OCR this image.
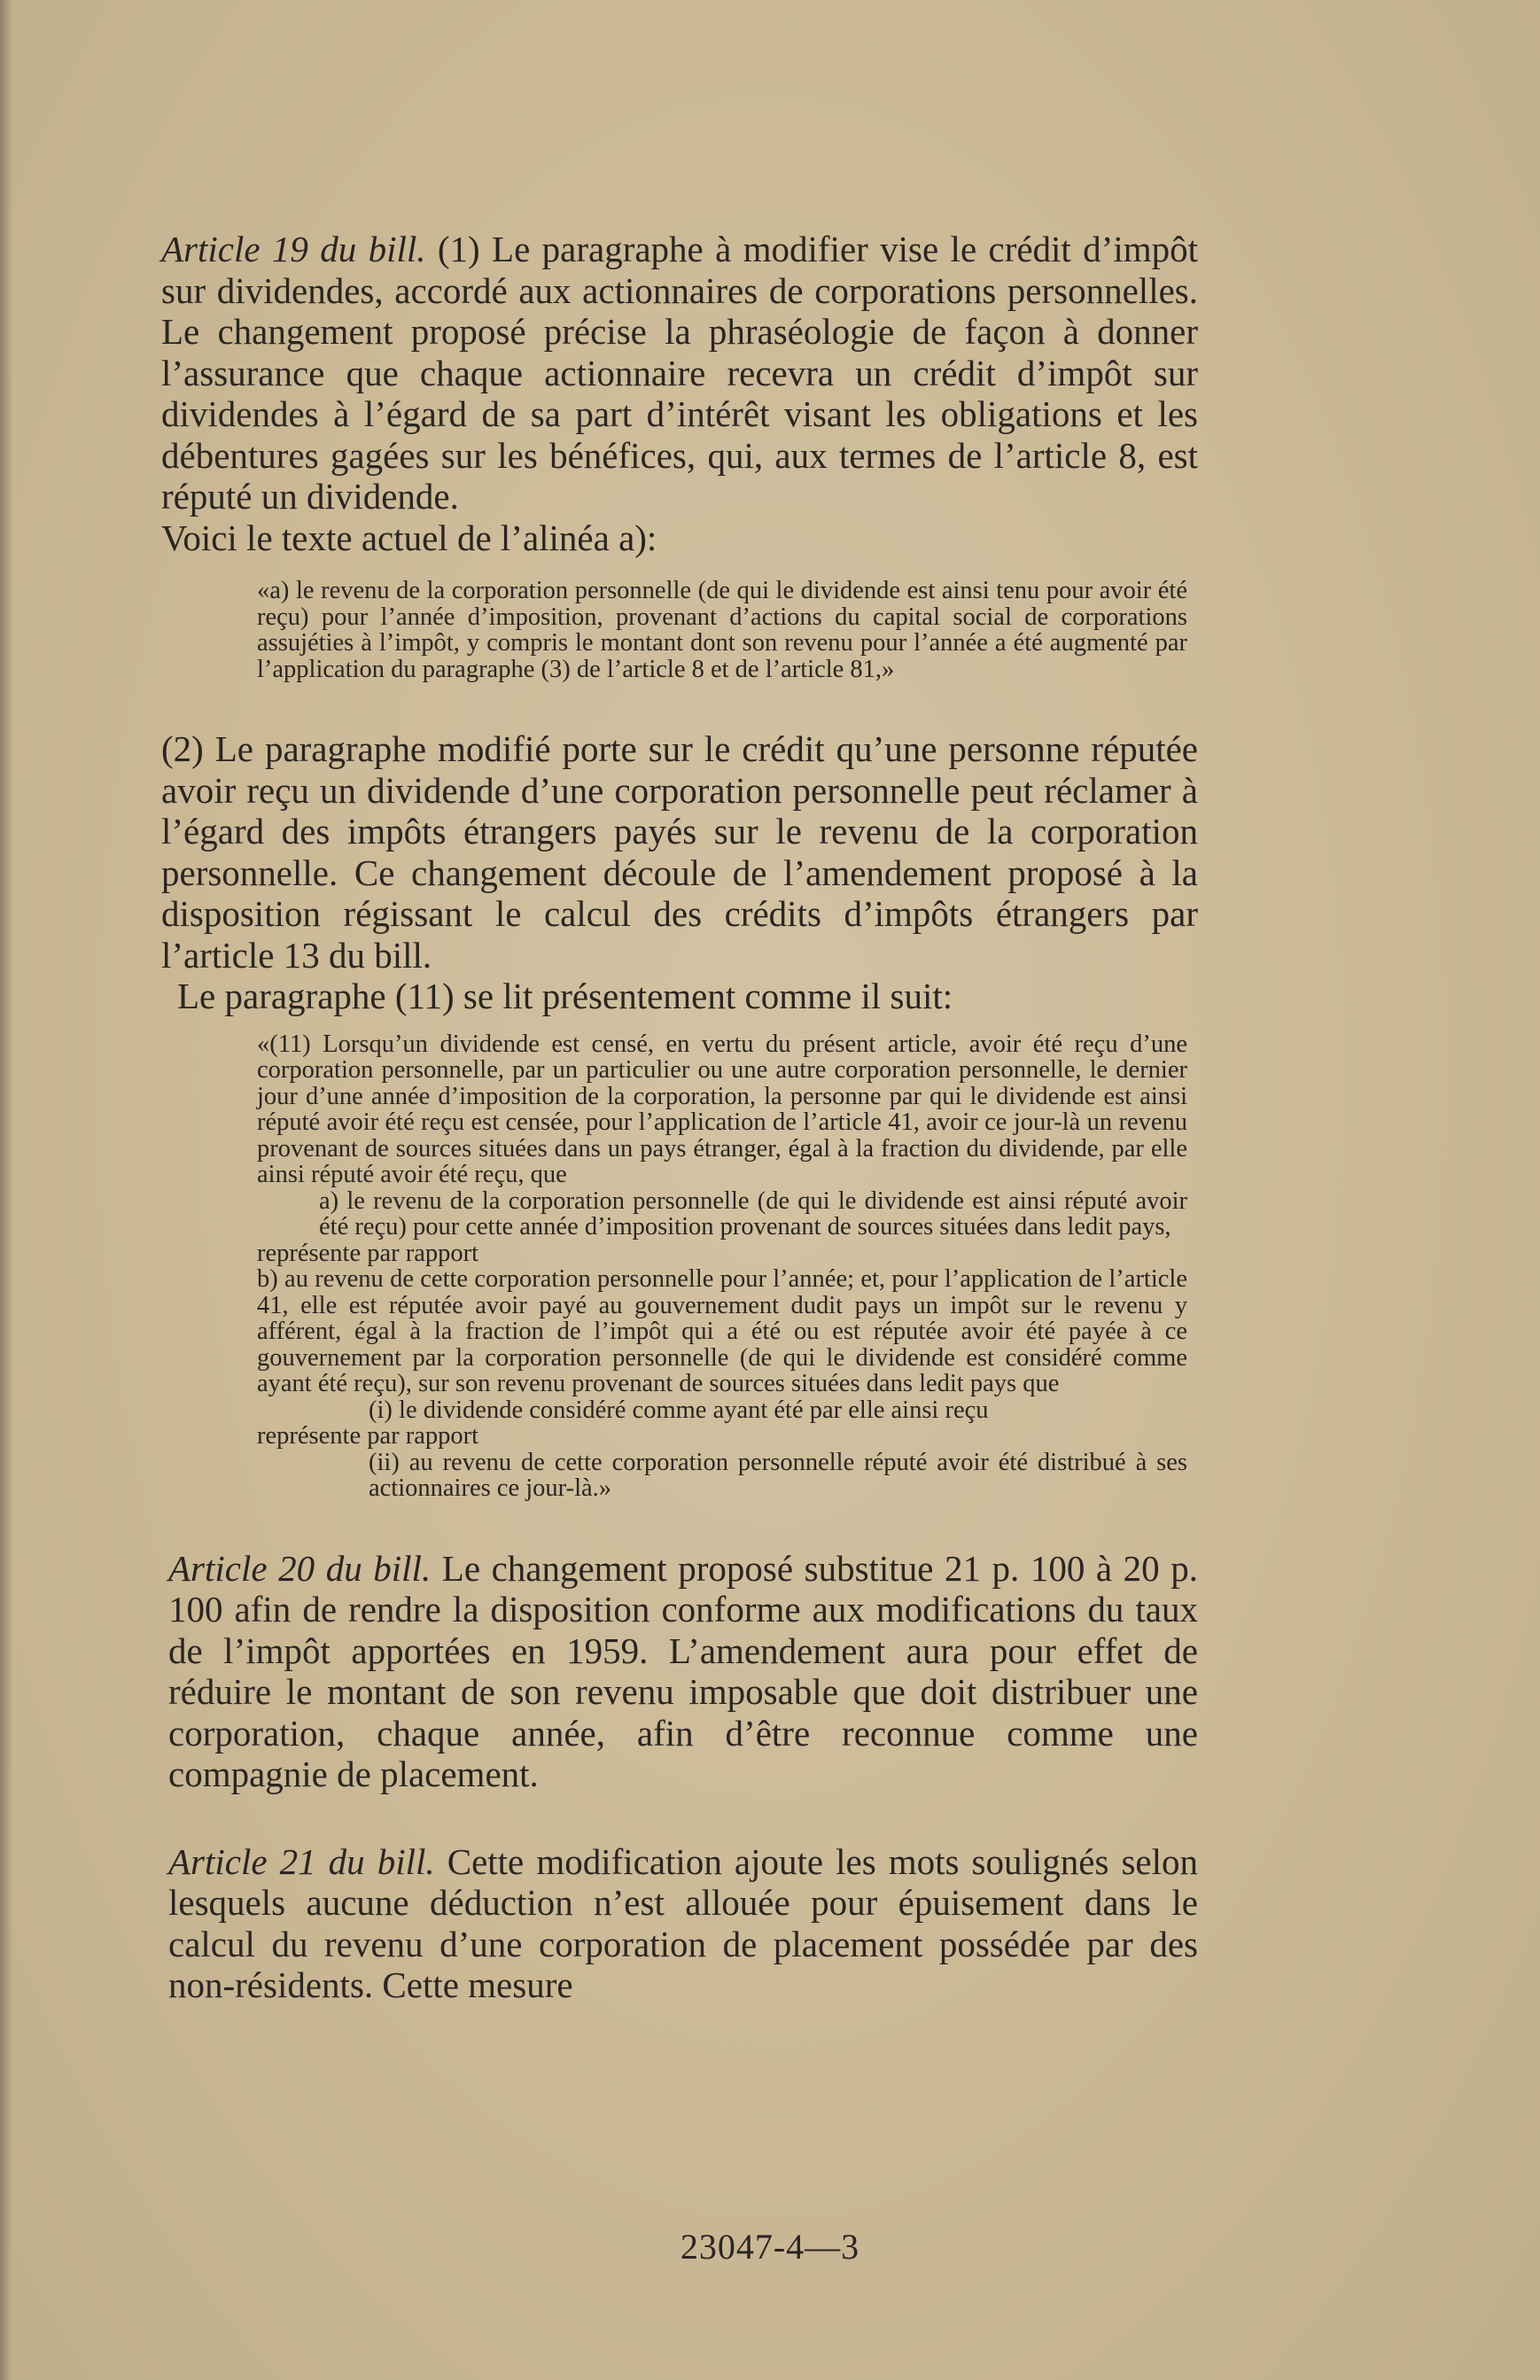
Article 19 du bill. (1) Le paragraphe à modifier vise le crédit d’impôt sur dividendes, accordé aux actionnaires de corporations personnelles. Le changement proposé précise la phraséologie de façon à donner l’assurance que chaque actionnaire recevra un crédit d’impôt sur dividendes à l’égard de sa part d’intérêt visant les obligations et les débentures gagées sur les bénéfices, qui, aux termes de l’article 8, est réputé un dividende.

Voici le texte actuel de l’alinéa a):

«a) le revenu de la corporation personnelle (de qui le dividende est ainsi tenu pour avoir été reçu) pour l’année d’imposition, provenant d’actions du capital social de corporations assujéties à l’impôt, y compris le montant dont son revenu pour l’année a été augmenté par l’application du paragraphe (3) de l’article 8 et de l’article 81,»

(2) Le paragraphe modifié porte sur le crédit qu’une personne réputée avoir reçu un dividende d’une corporation personnelle peut réclamer à l’égard des impôts étrangers payés sur le revenu de la corporation personnelle. Ce changement découle de l’amendement proposé à la disposition régissant le calcul des crédits d’impôts étrangers par l’article 13 du bill.

Le paragraphe (11) se lit présentement comme il suit:

«(11) Lorsqu’un dividende est censé, en vertu du présent article, avoir été reçu d’une corporation personnelle, par un particulier ou une autre corporation personnelle, le dernier jour d’une année d’imposition de la corporation, la personne par qui le dividende est ainsi réputé avoir été reçu est censée, pour l’application de l’article 41, avoir ce jour-là un revenu provenant de sources situées dans un pays étranger, égal à la fraction du dividende, par elle ainsi réputé avoir été reçu, que
a) le revenu de la corporation personnelle (de qui le dividende est ainsi réputé avoir été reçu) pour cette année d’imposition provenant de sources situées dans ledit pays,
représente par rapport
b) au revenu de cette corporation personnelle pour l’année; et, pour l’application de l’article 41, elle est réputée avoir payé au gouvernement dudit pays un impôt sur le revenu y afférent, égal à la fraction de l’impôt qui a été ou est réputée avoir été payée à ce gouvernement par la corporation personnelle (de qui le dividende est considéré comme ayant été reçu), sur son revenu provenant de sources situées dans ledit pays que
(i) le dividende considéré comme ayant été par elle ainsi reçu
représente par rapport
(ii) au revenu de cette corporation personnelle réputé avoir été distribué à ses actionnaires ce jour-là.»

Article 20 du bill. Le changement proposé substitue 21 p. 100 à 20 p. 100 afin de rendre la disposition conforme aux modifications du taux de l’impôt apportées en 1959. L’amendement aura pour effet de réduire le montant de son revenu imposable que doit distribuer une corporation, chaque année, afin d’être reconnue comme une compagnie de placement.

Article 21 du bill. Cette modification ajoute les mots soulignés selon lesquels aucune déduction n’est allouée pour épuisement dans le calcul du revenu d’une corporation de placement possédée par des non-résidents. Cette mesure

23047-4—3
